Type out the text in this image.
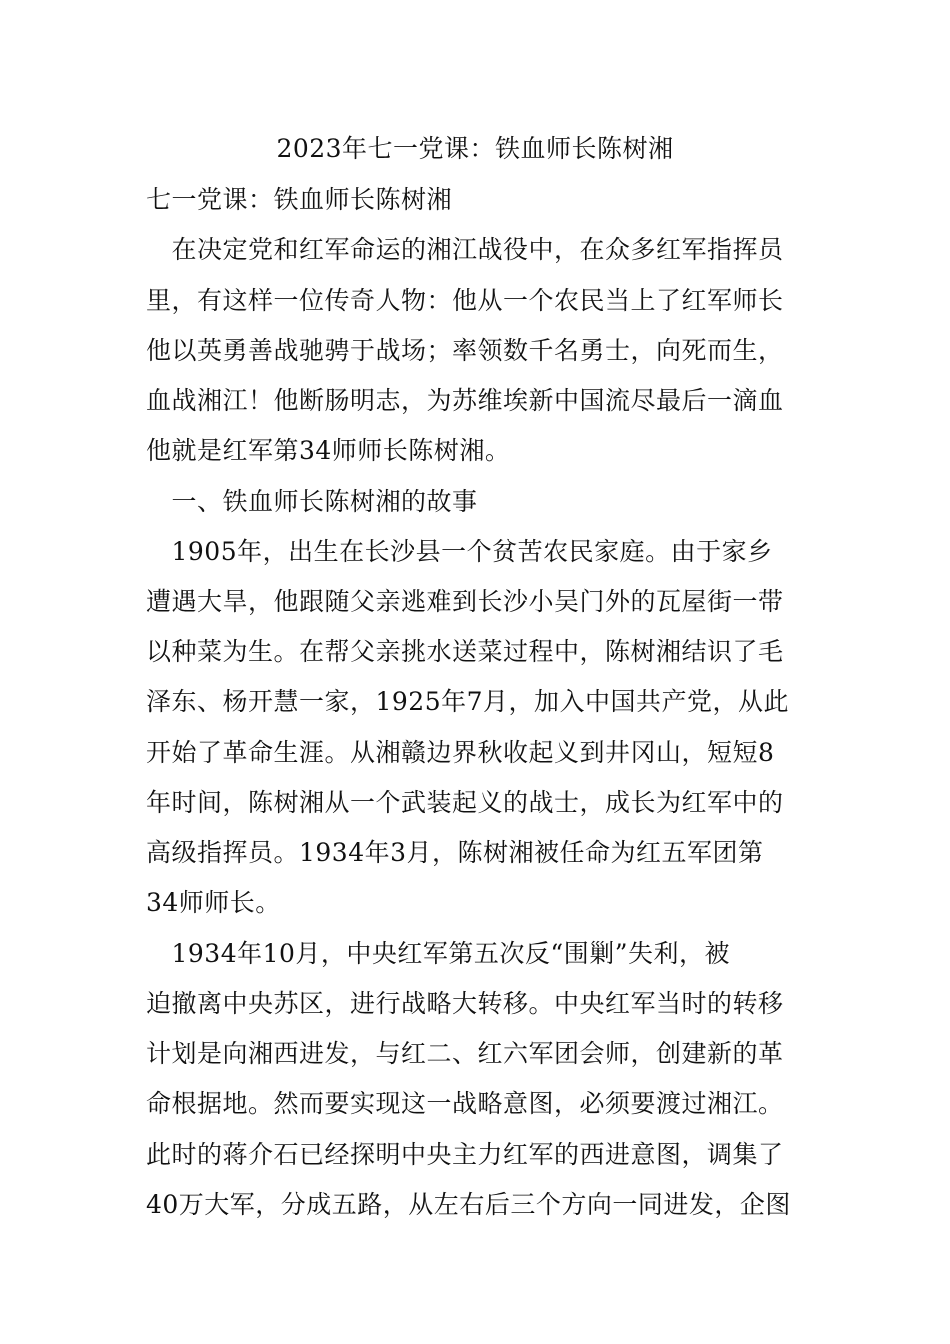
2023年七一党课：铁血师长陈树湘
七一党课：铁血师长陈树湘
　在决定党和红军命运的湘江战役中，在众多红军指挥员
里，有这样一位传奇人物：他从一个农民当上了红军师长
他以英勇善战驰骋于战场；率领数千名勇士，向死而生，
血战湘江！他断肠明志，为苏维埃新中国流尽最后一滴血
他就是红军第34师师长陈树湘。
　一、铁血师长陈树湘的故事
　1905年，出生在长沙县一个贫苦农民家庭。由于家乡
遭遇大旱，他跟随父亲逃难到长沙小吴门外的瓦屋街一带
以种菜为生。在帮父亲挑水送菜过程中，陈树湘结识了毛
泽东、杨开慧一家，1925年7月，加入中国共产党，从此
开始了革命生涯。从湘赣边界秋收起义到井冈山，短短8
年时间，陈树湘从一个武装起义的战士，成长为红军中的
高级指挥员。1934年3月，陈树湘被任命为红五军团第
34师师长。
　1934年10月，中央红军第五次反“围剿”失利，被
迫撤离中央苏区，进行战略大转移。中央红军当时的转移
计划是向湘西进发，与红二、红六军团会师，创建新的革
命根据地。然而要实现这一战略意图，必须要渡过湘江。
此时的蒋介石已经探明中央主力红军的西进意图，调集了
40万大军，分成五路，从左右后三个方向一同进发，企图
